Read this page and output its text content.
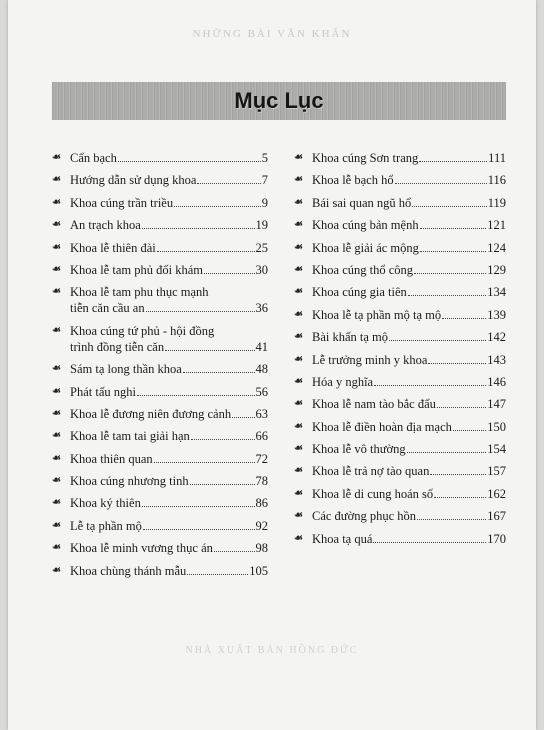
NHỮNG BÀI VĂN KHẤN
Mục Lục
☙ Cẩn bạch	5
☙ Hướng dẫn sử dụng khoa	7
☙ Khoa cúng trần triều	9
☙ An trạch khoa	19
☙ Khoa lễ thiên đài	25
☙ Khoa lễ tam phủ đối khám	30
☙ Khoa lễ tam phu thục mạnh
tiễn căn cầu an	36
☙ Khoa cúng tứ phủ - hội đồng
trình đồng tiễn căn	41
☙ Sám tạ long thần khoa	48
☙ Phát tấu nghi	56
☙ Khoa lễ đương niên đương cảnh 63
☙ Khoa lễ tam tai giải hạn	66
☙ Khoa thiên quan	72
☙ Khoa cúng nhương tinh	78
☙ Khoa ký thiên	86
☙ Lễ tạ phần mộ	92
☙ Khoa lễ minh vương thục án	98
☙ Khoa chùng thánh mẫu	105
☙ Khoa cúng Sơn trang	111
☙ Khoa lễ bạch hổ	116
☙ Bái sai quan ngũ hổ	119
☙ Khoa cúng bản mệnh	121
☙ Khoa lễ giải ác mộng	124
☙ Khoa cúng thổ công	129
☙ Khoa cúng gia tiên	134
☙ Khoa lễ tạ phần mộ tạ mộ	139
☙ Bài khấn tạ mộ	142
☙ Lễ trưởng minh y khoa	143
☙ Hóa y nghĩa	146
☙ Khoa lễ nam tào bắc đẩu	147
☙ Khoa lễ điền hoàn địa mạch	150
☙ Khoa lễ vô thường	154
☙ Khoa lễ trả nợ tào quan	157
☙ Khoa lễ di cung hoán số	162
☙ Các đường phục hồn	167
☙ Khoa tạ quá	170
NHÀ XUẤT BẢN HỒNG ĐỨC
